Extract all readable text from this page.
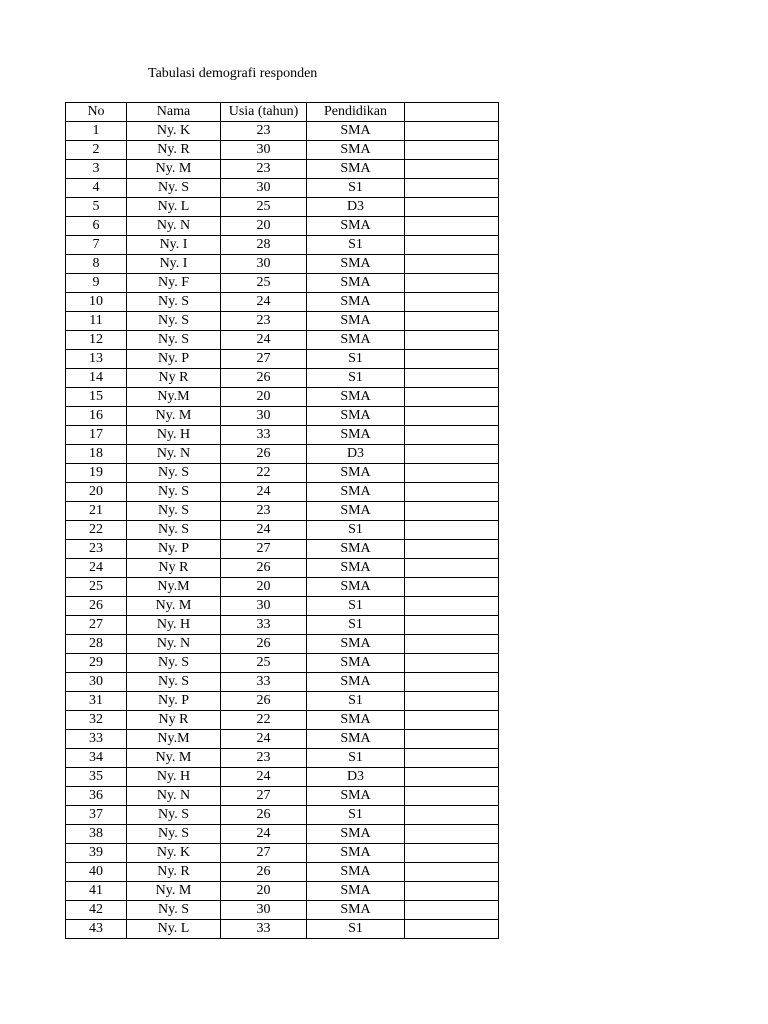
Tabulasi demografi responden
No	Nama	Usia (tahun)	Pendidikan	
1	Ny. K	23	SMA	
2	Ny. R	30	SMA	
3	Ny. M	23	SMA	
4	Ny. S	30	S1	
5	Ny. L	25	D3	
6	Ny. N	20	SMA	
7	Ny. I	28	S1	
8	Ny. I	30	SMA	
9	Ny. F	25	SMA	
10	Ny. S	24	SMA	
11	Ny. S	23	SMA	
12	Ny. S	24	SMA	
13	Ny. P	27	S1	
14	Ny R	26	S1	
15	Ny.M	20	SMA	
16	Ny. M	30	SMA	
17	Ny. H	33	SMA	
18	Ny. N	26	D3	
19	Ny. S	22	SMA	
20	Ny. S	24	SMA	
21	Ny. S	23	SMA	
22	Ny. S	24	S1	
23	Ny. P	27	SMA	
24	Ny R	26	SMA	
25	Ny.M	20	SMA	
26	Ny. M	30	S1	
27	Ny. H	33	S1	
28	Ny. N	26	SMA	
29	Ny. S	25	SMA	
30	Ny. S	33	SMA	
31	Ny. P	26	S1	
32	Ny R	22	SMA	
33	Ny.M	24	SMA	
34	Ny. M	23	S1	
35	Ny. H	24	D3	
36	Ny. N	27	SMA	
37	Ny. S	26	S1	
38	Ny. S	24	SMA	
39	Ny. K	27	SMA	
40	Ny. R	26	SMA	
41	Ny. M	20	SMA	
42	Ny. S	30	SMA	
43	Ny. L	33	S1	
